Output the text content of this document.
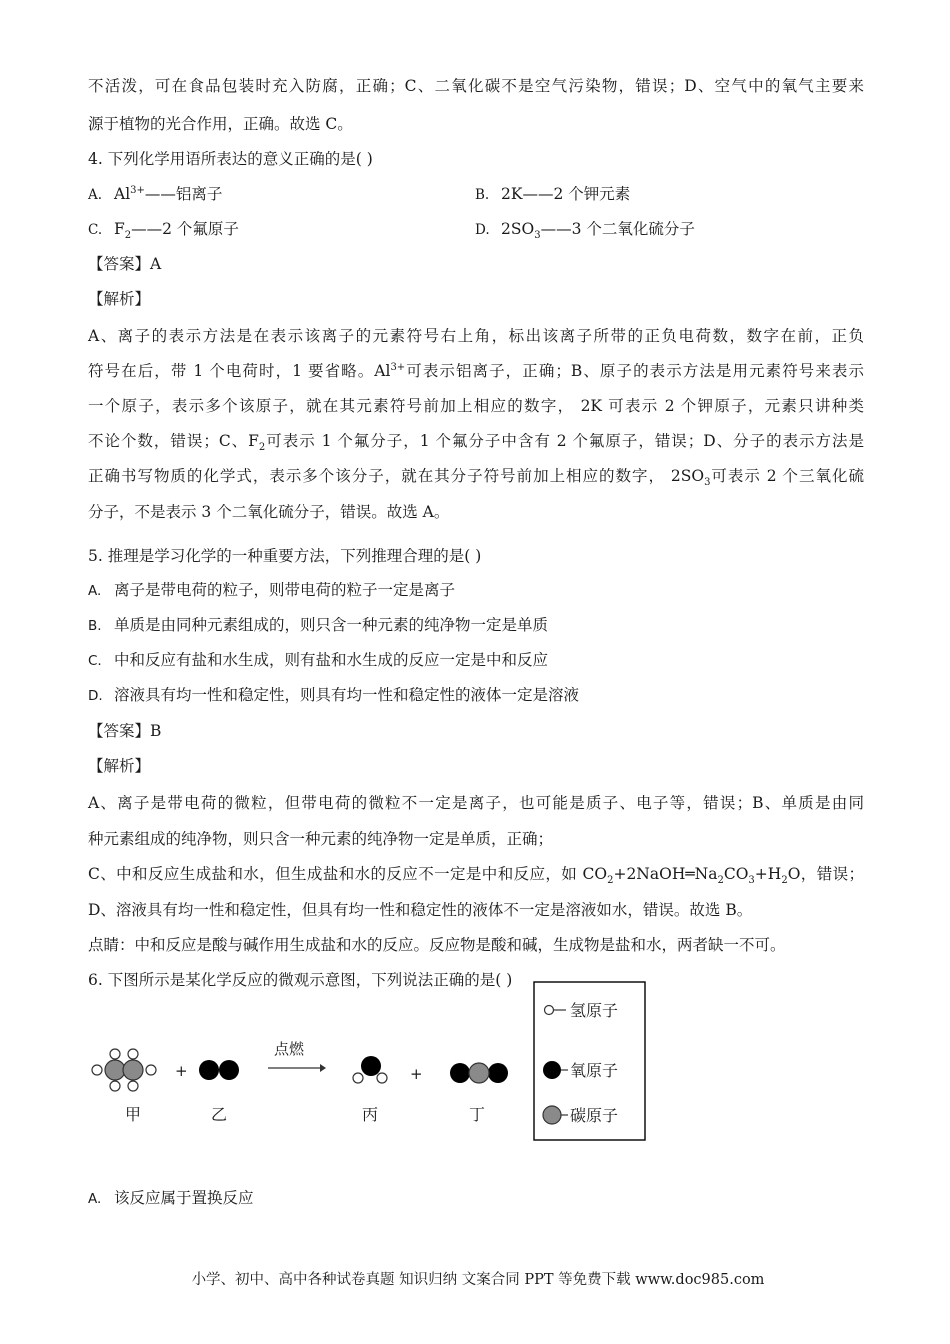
不活泼，可在食品包装时充入防腐，正确；C、二氧化碳不是空气污染物，错误；D、空气中的氧气主要来
源于植物的光合作用，正确。故选 C。
4. 下列化学用语所表达的意义正确的是( )
A. $Al^{3+}——$铝离子	B. 2K——2 个钾元素
C. $F_2——2$ 个氟原子	D. $2SO_3——3$ 个二氧化硫分子
【答案】A
【解析】
A、离子的表示方法是在表示该离子的元素符号右上角，标出该离子所带的正负电荷数，数字在前，正负
符号在后，带 1 个电荷时，1 要省略。$Al^{3+}$可表示铝离子，正确；B、原子的表示方法是用元素符号来表示
一个原子，表示多个该原子，就在其元素符号前加上相应的数字， 2K 可表示 2 个钾原子，元素只讲种类
不论个数，错误；C、$F_2$可表示 1 个氟分子，1 个氟分子中含有 2 个氟原子，错误；D、分子的表示方法是
正确书写物质的化学式，表示多个该分子，就在其分子符号前加上相应的数字， $2SO_3$可表示 2 个三氧化硫
分子，不是表示 3 个二氧化硫分子，错误。故选 A。
5. 推理是学习化学的一种重要方法，下列推理合理的是( )
A. 离子是带电荷的粒子，则带电荷的粒子一定是离子
B. 单质是由同种元素组成的，则只含一种元素的纯净物一定是单质
C. 中和反应有盐和水生成，则有盐和水生成的反应一定是中和反应
D. 溶液具有均一性和稳定性，则具有均一性和稳定性的液体一定是溶液
【答案】B
【解析】
A、离子是带电荷的微粒，但带电荷的微粒不一定是离子，也可能是质子、电子等，错误；B、单质是由同
种元素组成的纯净物，则只含一种元素的纯净物一定是单质，正确；
C、中和反应生成盐和水，但生成盐和水的反应不一定是中和反应，如 $CO_2+2NaOH═Na_2CO_3+H_2O$，错误；
D、溶液具有均一性和稳定性，但具有均一性和稳定性的液体不一定是溶液如水，错误。故选 B。
点睛：中和反应是酸与碱作用生成盐和水的反应。反应物是酸和碱，生成物是盐和水，两者缺一不可。
6. 下图所示是某化学反应的微观示意图，下列说法正确的是( )
+
点燃
+
甲	乙	丙	丁
氢原子
氧原子
碳原子
A. 该反应属于置换反应
小学、初中、高中各种试卷真题 知识归纳 文案合同 PPT 等免费下载 www.doc985.com
